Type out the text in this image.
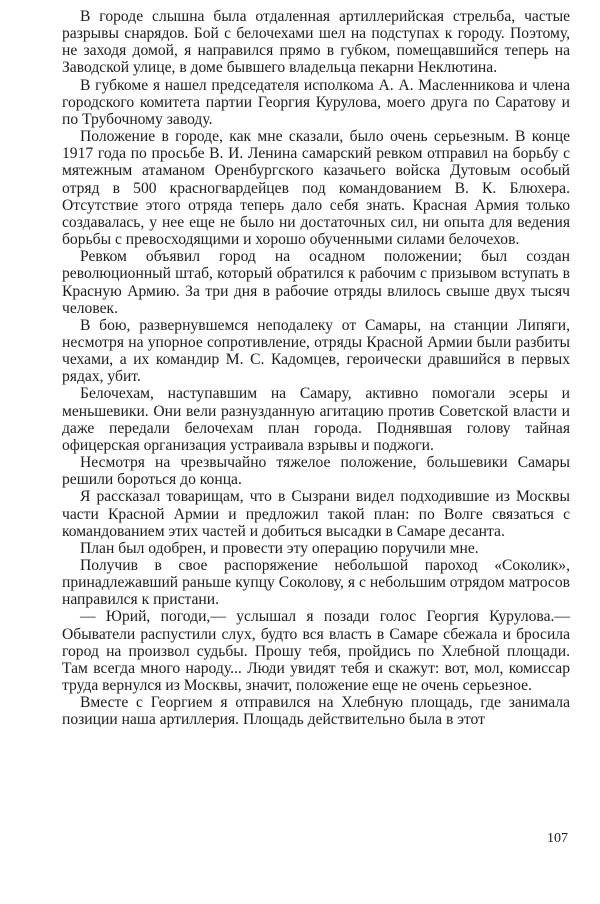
В городе слышна была отдаленная артиллерийская стрельба, частые разрывы снарядов. Бой с белочехами шел на подступах к городу. Поэтому, не заходя домой, я направился прямо в губком, помещавшийся теперь на Заводской улице, в доме бывшего владельца пекарни Неклютина.

В губкоме я нашел председателя исполкома А. А. Масленникова и члена городского комитета партии Георгия Курулова, моего друга по Саратову и по Трубочному заводу.

Положение в городе, как мне сказали, было очень серьезным. В конце 1917 года по просьбе В. И. Ленина самарский ревком отправил на борьбу с мятежным атаманом Оренбургского казачьего войска Дутовым особый отряд в 500 красногвардейцев под командованием В. К. Блюхера. Отсутствие этого отряда теперь дало себя знать. Красная Армия только создавалась, у нее еще не было ни достаточных сил, ни опыта для ведения борьбы с превосходящими и хорошо обученными силами белочехов.

Ревком объявил город на осадном положении; был создан революционный штаб, который обратился к рабочим с призывом вступать в Красную Армию. За три дня в рабочие отряды влилось свыше двух тысяч человек.

В бою, развернувшемся неподалеку от Самары, на станции Липяги, несмотря на упорное сопротивление, отряды Красной Армии были разбиты чехами, а их командир М. С. Кадомцев, героически дравшийся в первых рядах, убит.

Белочехам, наступавшим на Самару, активно помогали эсеры и меньшевики. Они вели разнузданную агитацию против Советской власти и даже передали белочехам план города. Поднявшая голову тайная офицерская организация устраивала взрывы и поджоги.

Несмотря на чрезвычайно тяжелое положение, большевики Самары решили бороться до конца.

Я рассказал товарищам, что в Сызрани видел подходившие из Москвы части Красной Армии и предложил такой план: по Волге связаться с командованием этих частей и добиться высадки в Самаре десанта.

План был одобрен, и провести эту операцию поручили мне.

Получив в свое распоряжение небольшой пароход «Соколик», принадлежавший раньше купцу Соколову, я с небольшим отрядом матросов направился к пристани.

— Юрий, погоди,— услышал я позади голос Георгия Курулова.— Обыватели распустили слух, будто вся власть в Самаре сбежала и бросила город на произвол судьбы. Прошу тебя, пройдись по Хлебной площади. Там всегда много народу... Люди увидят тебя и скажут: вот, мол, комиссар труда вернулся из Москвы, значит, положение еще не очень серьезное.

Вместе с Георгием я отправился на Хлебную площадь, где занимала позиции наша артиллерия. Площадь действительно была в этот

107
